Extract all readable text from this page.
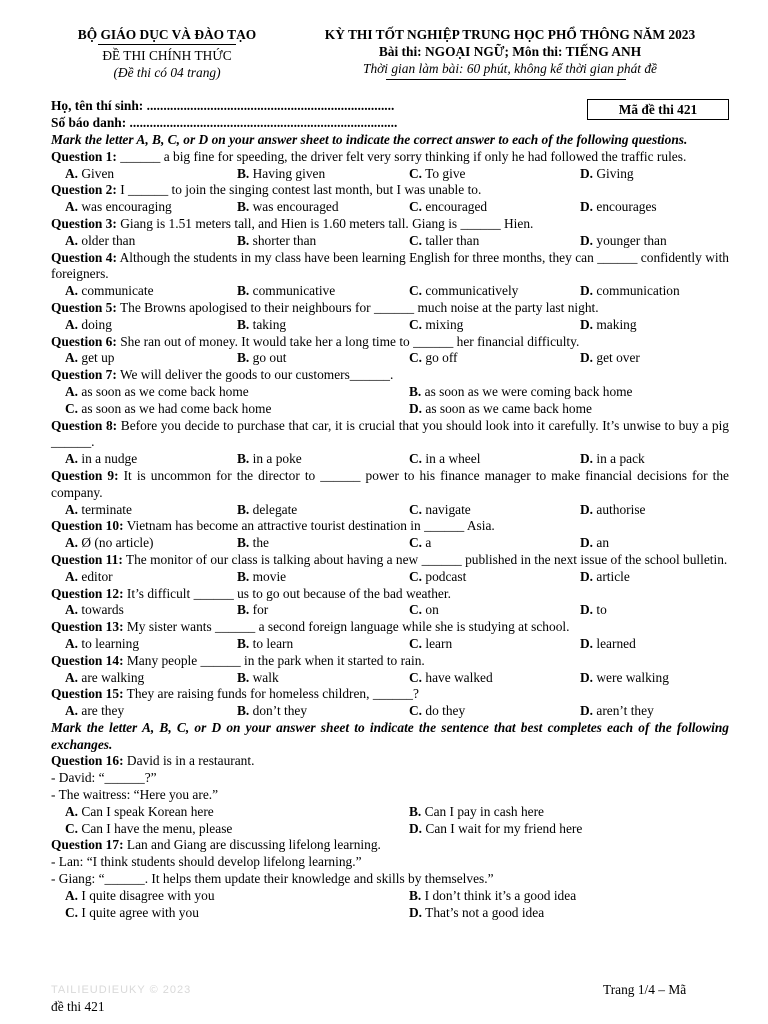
BỘ GIÁO DỤC VÀ ĐÀO TẠO
ĐỀ THI CHÍNH THỨC
(Đề thi có 04 trang)
KỲ THI TỐT NGHIỆP TRUNG HỌC PHỔ THÔNG NĂM 2023
Bài thi: NGOẠI NGỮ; Môn thi: TIẾNG ANH
Thời gian làm bài: 60 phút, không kể thời gian phát đề
Họ, tên thí sinh: ..........................................................................
Số báo danh: ................................................................................
Mã đề thi 421
Mark the letter A, B, C, or D on your answer sheet to indicate the correct answer to each of the following questions.
Question 1: ______ a big fine for speeding, the driver felt very sorry thinking if only he had followed the traffic rules.
A. Given	B. Having given	C. To give	D. Giving
Question 2: I ______ to join the singing contest last month, but I was unable to.
A. was encouraging	B. was encouraged	C. encouraged	D. encourages
Question 3: Giang is 1.51 meters tall, and Hien is 1.60 meters tall. Giang is ______ Hien.
A. older than	B. shorter than	C. taller than	D. younger than
Question 4: Although the students in my class have been learning English for three months, they can ______ confidently with foreigners.
A. communicate	B. communicative	C. communicatively	D. communication
Question 5: The Browns apologised to their neighbours for ______ much noise at the party last night.
A. doing	B. taking	C. mixing	D. making
Question 6: She ran out of money. It would take her a long time to ______ her financial difficulty.
A. get up	B. go out	C. go off	D. get over
Question 7: We will deliver the goods to our customers______.
A. as soon as we come back home	B. as soon as we were coming back home
C. as soon as we had come back home	D. as soon as we came back home
Question 8: Before you decide to purchase that car, it is crucial that you should look into it carefully. It’s unwise to buy a pig ______.
A. in a nudge	B. in a poke	C. in a wheel	D. in a pack
Question 9: It is uncommon for the director to ______ power to his finance manager to make financial decisions for the company.
A. terminate	B. delegate	C. navigate	D. authorise
Question 10: Vietnam has become an attractive tourist destination in ______ Asia.
A. Ø (no article)	B. the	C. a	D. an
Question 11: The monitor of our class is talking about having a new ______ published in the next issue of the school bulletin.
A. editor	B. movie	C. podcast	D. article
Question 12: It’s difficult ______ us to go out because of the bad weather.
A. towards	B. for	C. on	D. to
Question 13: My sister wants ______ a second foreign language while she is studying at school.
A. to learning	B. to learn	C. learn	D. learned
Question 14: Many people ______ in the park when it started to rain.
A. are walking	B. walk	C. have walked	D. were walking
Question 15: They are raising funds for homeless children, ______?
A. are they	B. don’t they	C. do they	D. aren’t they
Mark the letter A, B, C, or D on your answer sheet to indicate the sentence that best completes each of the following exchanges.
Question 16: David is in a restaurant.
- David: “______?”
- The waitress: “Here you are.”
A. Can I speak Korean here	B. Can I pay in cash here
C. Can I have the menu, please	D. Can I wait for my friend here
Question 17: Lan and Giang are discussing lifelong learning.
- Lan: “I think students should develop lifelong learning.”
- Giang: “______. It helps them update their knowledge and skills by themselves.”
A. I quite disagree with you	B. I don’t think it’s a good idea
C. I quite agree with you	D. That’s not a good idea
TAILIEUDIEUKY © 2023	Trang 1/4 – Mã
đề thi 421
